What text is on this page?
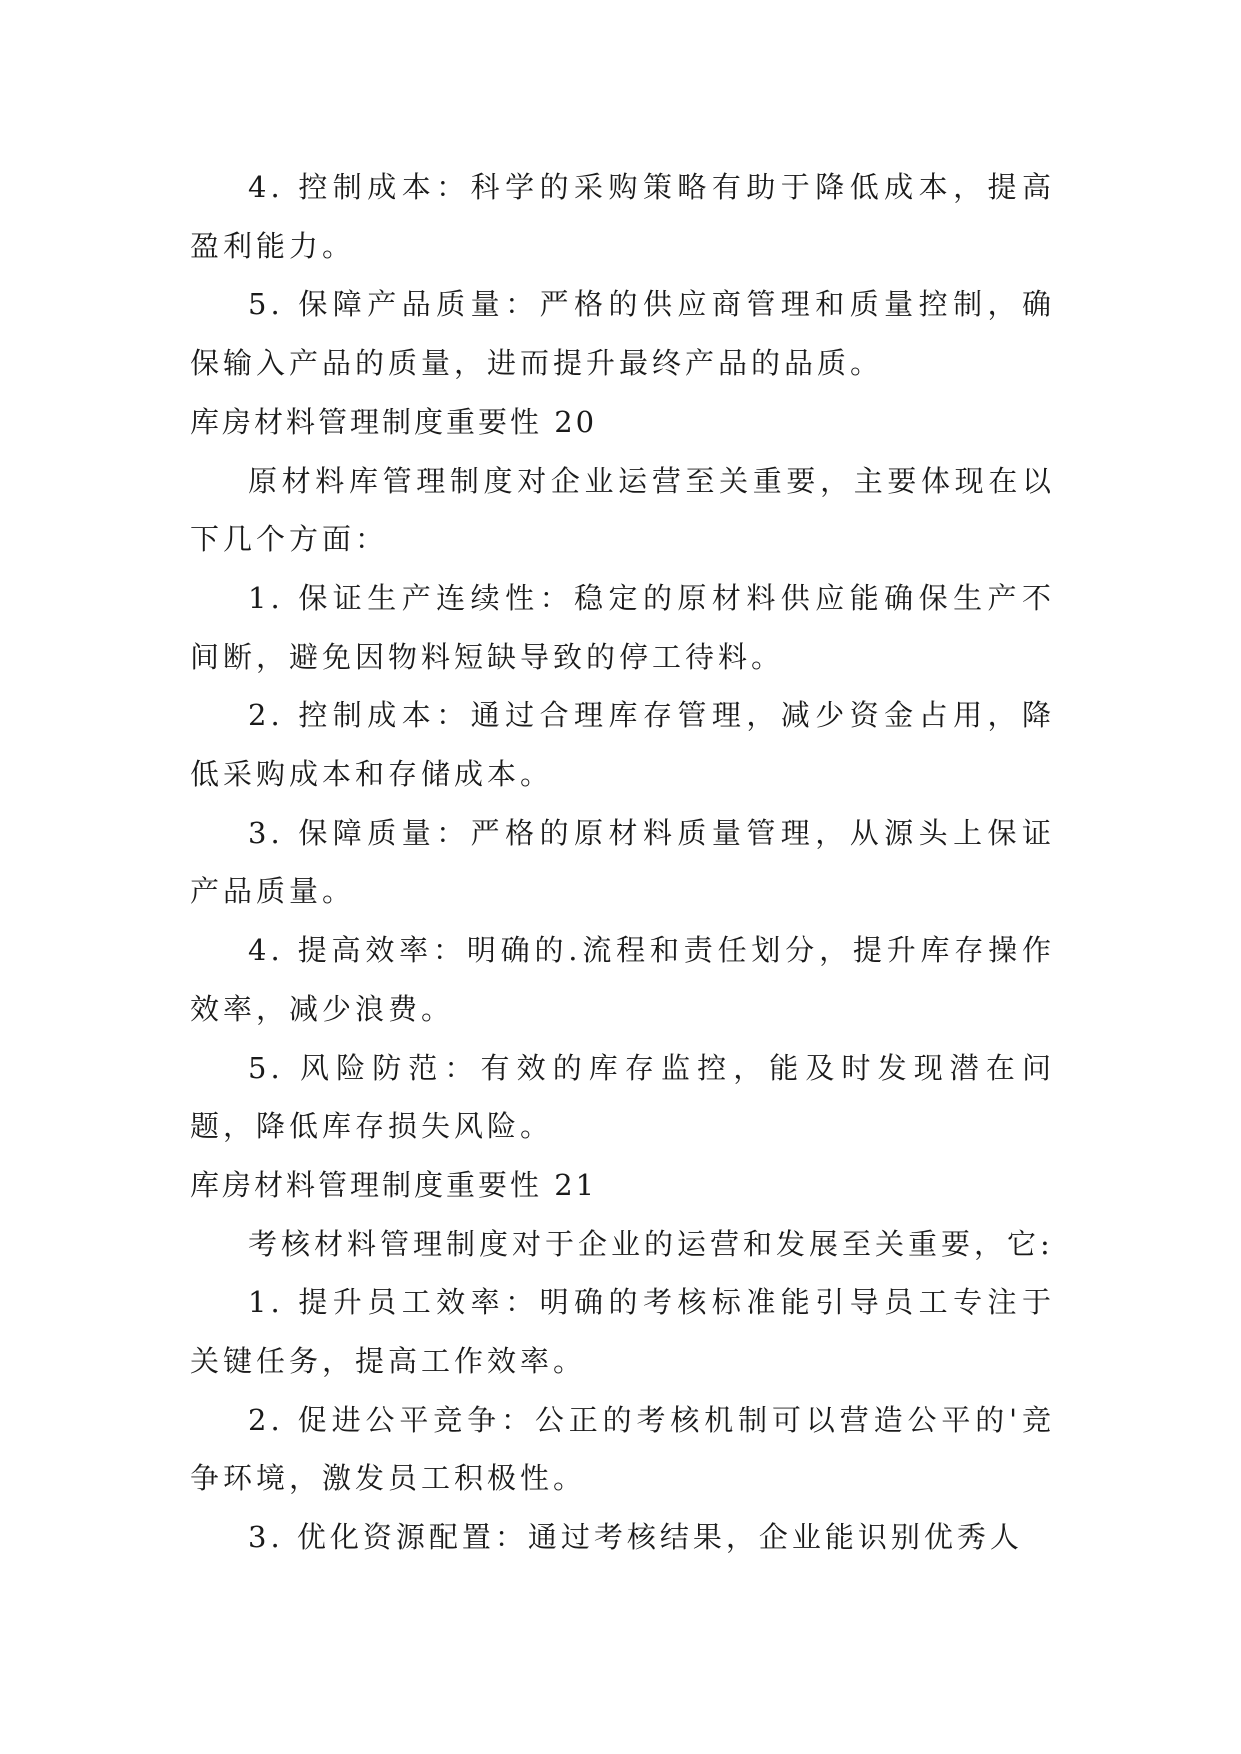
4. 控制成本：科学的采购策略有助于降低成本，提高盈利能力。

5. 保障产品质量：严格的供应商管理和质量控制，确保输入产品的质量，进而提升最终产品的品质。

库房材料管理制度重要性 20

原材料库管理制度对企业运营至关重要，主要体现在以下几个方面：

1. 保证生产连续性：稳定的原材料供应能确保生产不间断，避免因物料短缺导致的停工待料。

2. 控制成本：通过合理库存管理，减少资金占用，降低采购成本和存储成本。

3. 保障质量：严格的原材料质量管理，从源头上保证产品质量。

4. 提高效率：明确的.流程和责任划分，提升库存操作效率，减少浪费。

5. 风险防范：有效的库存监控，能及时发现潜在问题，降低库存损失风险。

库房材料管理制度重要性 21

考核材料管理制度对于企业的运营和发展至关重要，它:

1. 提升员工效率：明确的考核标准能引导员工专注于关键任务，提高工作效率。

2. 促进公平竞争：公正的考核机制可以营造公平的'竞争环境，激发员工积极性。

3. 优化资源配置：通过考核结果，企业能识别优秀人
